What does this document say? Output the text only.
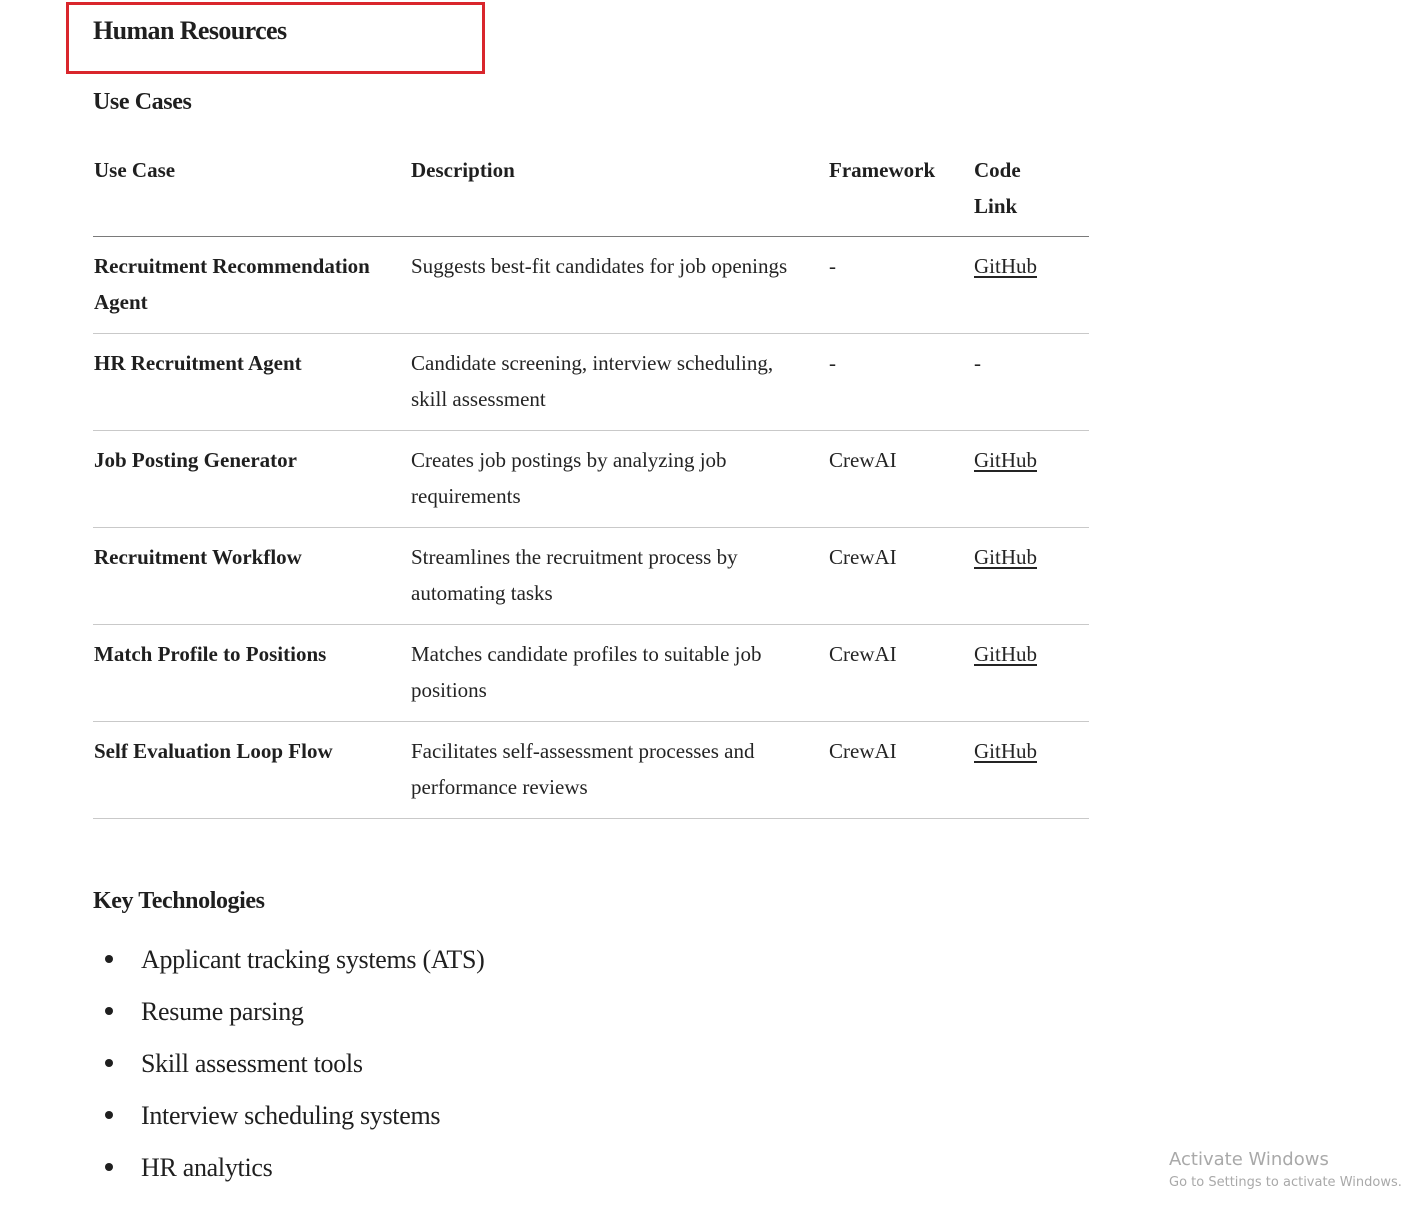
Human Resources
Use Cases
Use Case	Description	Framework	Code Link
Recruitment Recommendation Agent	Suggests best-fit candidates for job openings	-	GitHub
HR Recruitment Agent	Candidate screening, interview scheduling, skill assessment	-	-
Job Posting Generator	Creates job postings by analyzing job requirements	CrewAI	GitHub
Recruitment Workflow	Streamlines the recruitment process by automating tasks	CrewAI	GitHub
Match Profile to Positions	Matches candidate profiles to suitable job positions	CrewAI	GitHub
Self Evaluation Loop Flow	Facilitates self-assessment processes and performance reviews	CrewAI	GitHub
Key Technologies
Applicant tracking systems (ATS)
Resume parsing
Skill assessment tools
Interview scheduling systems
HR analytics	Activate Windows
Go to Settings to activate Windows.
